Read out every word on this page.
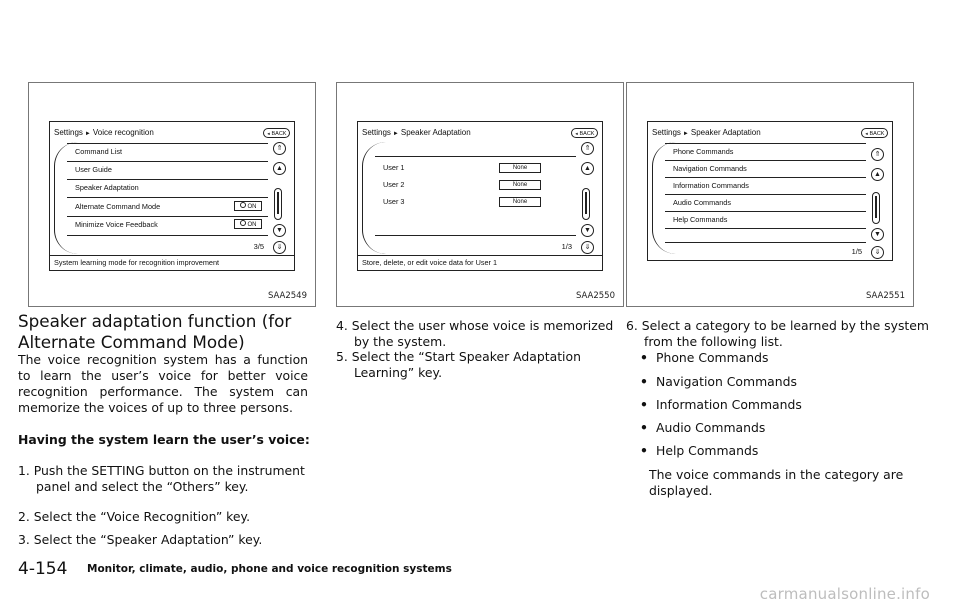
Settings ► Voice recognition	◄ BACK
Command List
User Guide
Speaker Adaptation
Alternate Command Mode	ON
Minimize Voice Feedback	ON
3/5
⇑
▲
▼
⇓
System learning mode for recognition improvement
SAA2549
Settings ► Speaker Adaptation	◄ BACK
User 1	None
User 2	None
User 3	None
1/3
⇑
▲
▼
⇓
Store, delete, or edit voice data for User 1
SAA2550
Settings ► Speaker Adaptation	◄ BACK
Phone Commands
Navigation Commands
Information Commands
Audio Commands
Help Commands
1/5
⇑
▲
▼
⇓
SAA2551
Speaker adaptation function (for
Alternate Command Mode)

The voice recognition system has a function to learn the user’s voice for better voice recognition performance. The system can memorize the voices of up to three persons.

Having the system learn the user’s voice:

1. Push the SETTING button on the instrument panel and select the “Others” key.

2. Select the “Voice Recognition” key.

3. Select the “Speaker Adaptation” key.

4. Select the user whose voice is memorized by the system.

5. Select the “Start Speaker Adaptation Learning” key.

6. Select a category to be learned by the system from the following list.

• Phone Commands
• Navigation Commands
• Information Commands
• Audio Commands
• Help Commands

The voice commands in the category are displayed.

4-154 Monitor, climate, audio, phone and voice recognition systems
carmanualsonline.info
